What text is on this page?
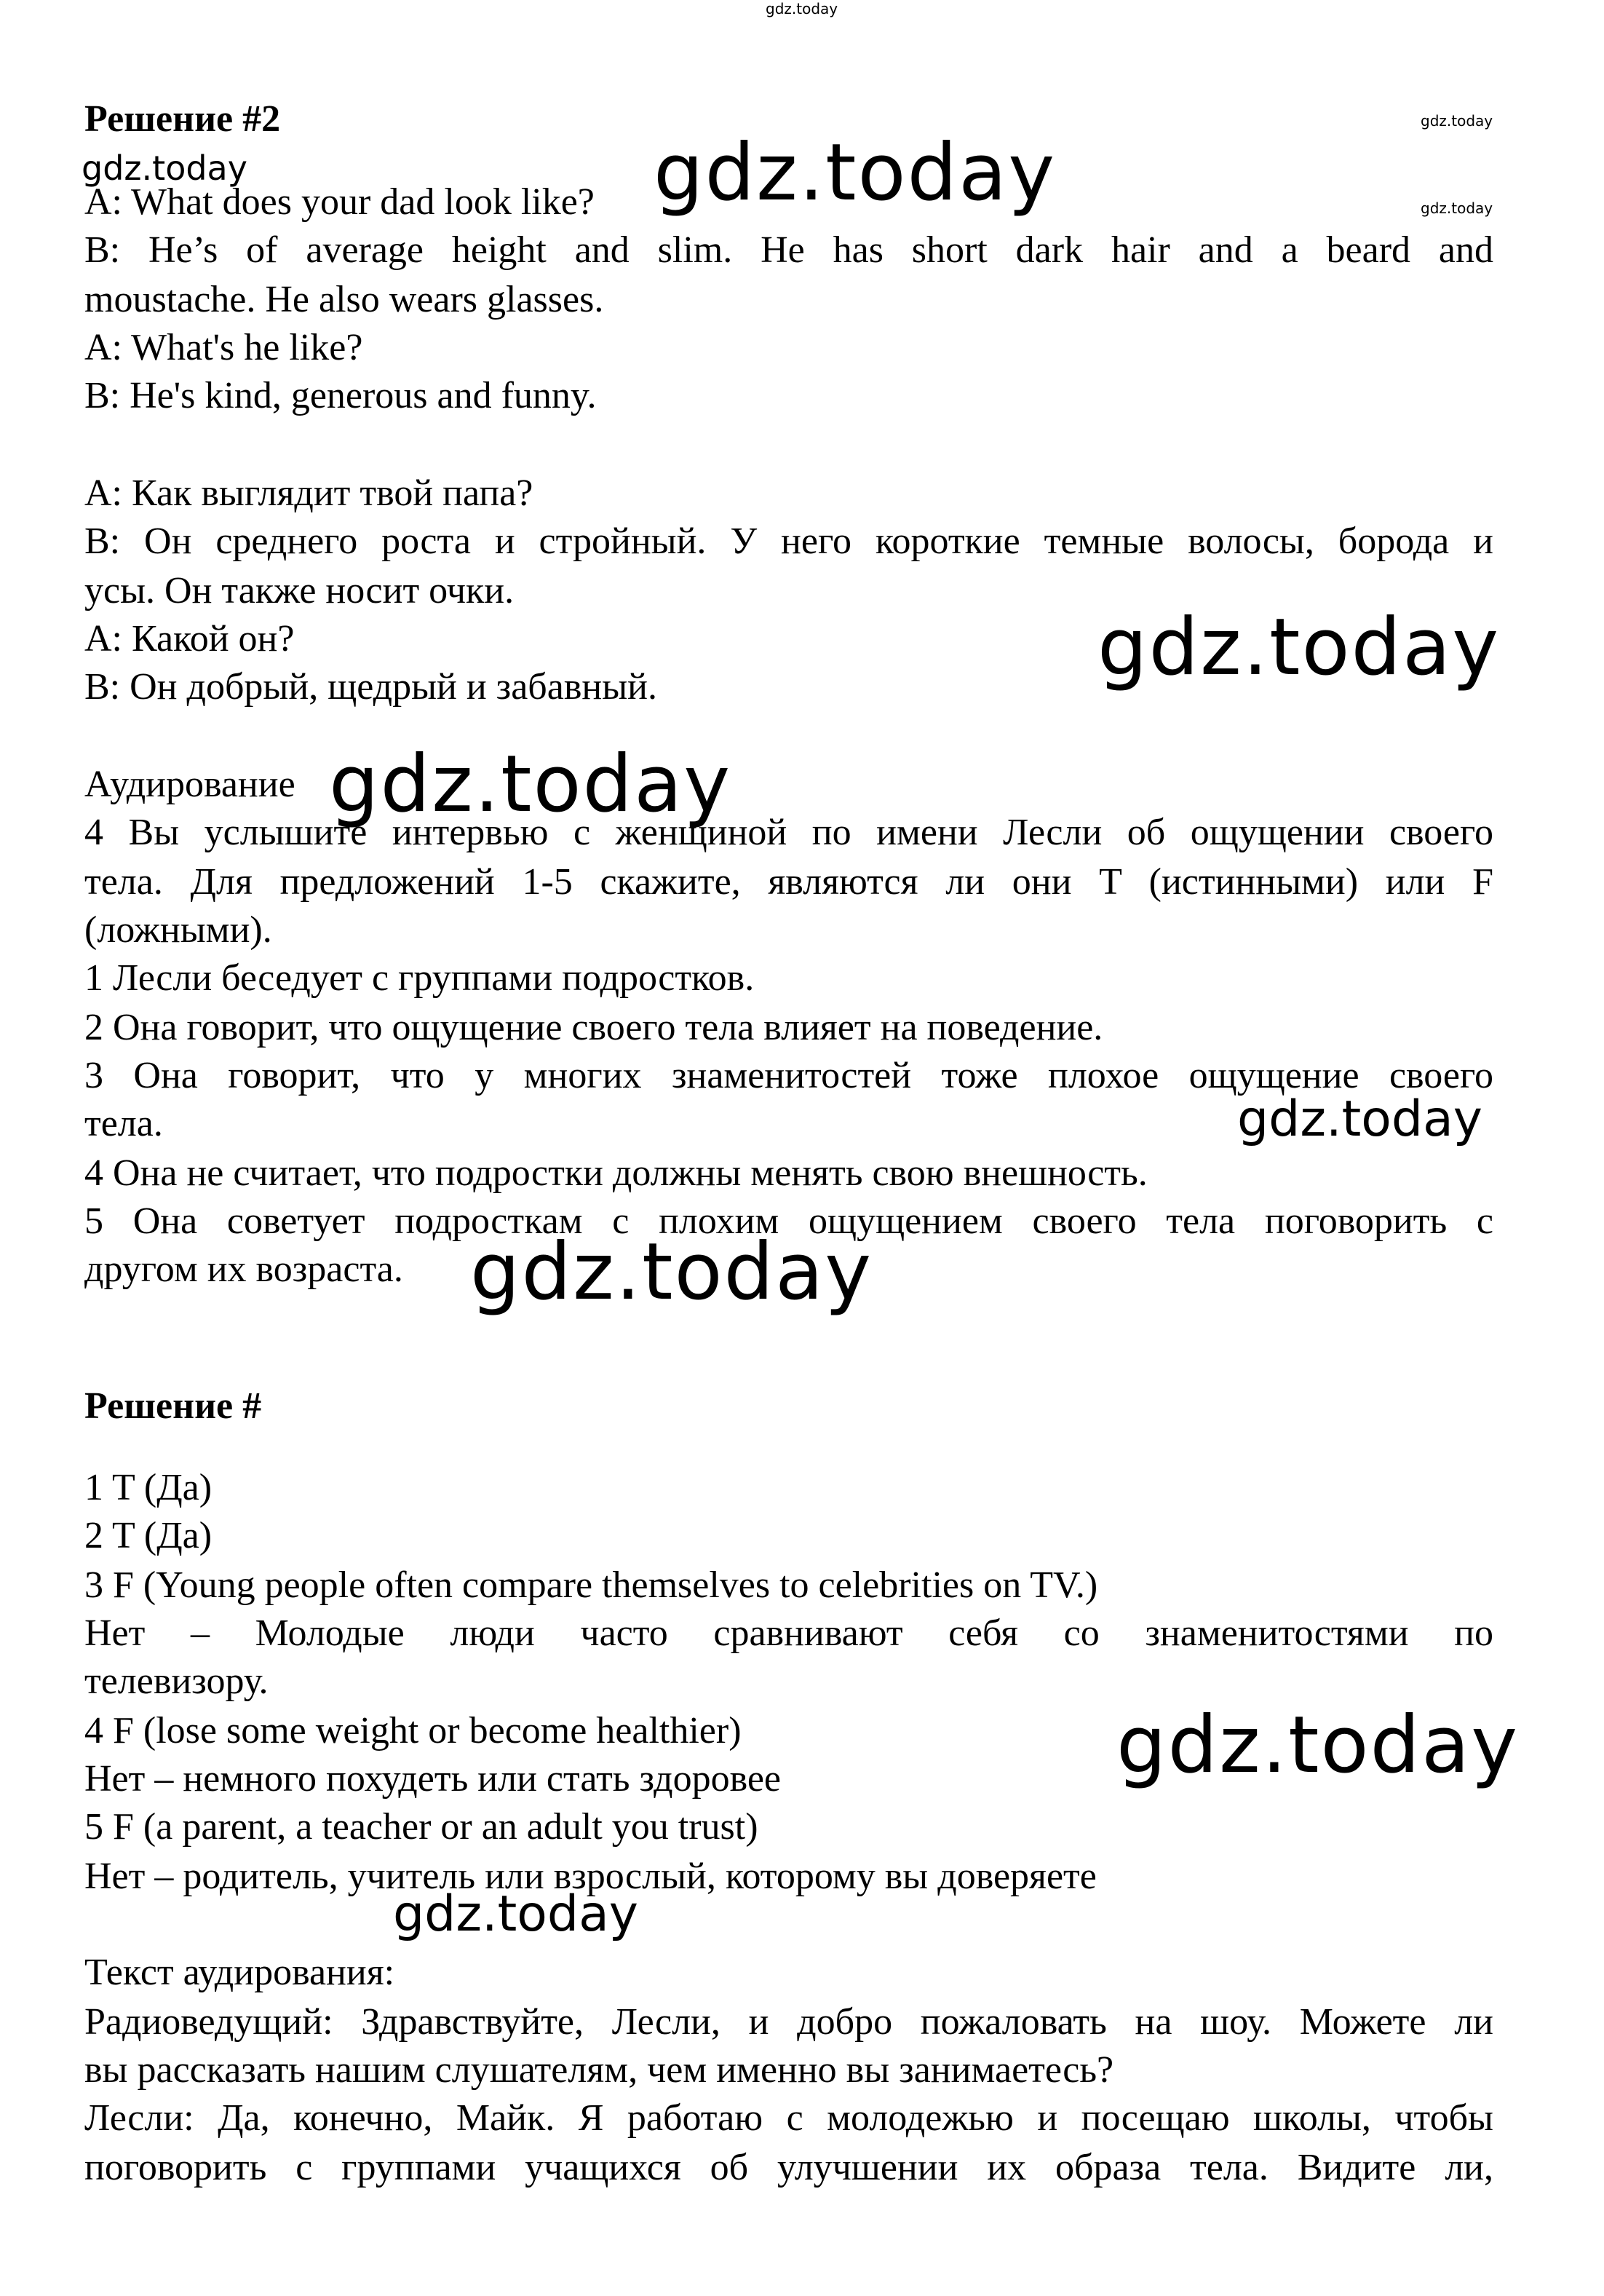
gdz.today
gdz.today
gdz.today
gdz.today	gdz.today
gdz.today
gdz.today
gdz.today
gdz.today
gdz.today
gdz.today
Решение #2
A: What does your dad look like?
B: He’s of average height and slim. He has short dark hair and a beard and
moustache. He also wears glasses.
A: What's he like?
B: He's kind, generous and funny.
А: Как выглядит твой папа?
В: Он среднего роста и стройный. У него короткие темные волосы, борода и
усы. Он также носит очки.
А: Какой он?
В: Он добрый, щедрый и забавный.
Аудирование
4 Вы услышите интервью с женщиной по имени Лесли об ощущении своего
тела. Для предложений 1-5 скажите, являются ли они T (истинными) или F
(ложными).
1 Лесли беседует с группами подростков.
2 Она говорит, что ощущение своего тела влияет на поведение.
3 Она говорит, что у многих знаменитостей тоже плохое ощущение своего
тела.
4 Она не считает, что подростки должны менять свою внешность.
5 Она советует подросткам с плохим ощущением своего тела поговорить с
другом их возраста.
Решение #
1 T (Да)
2 T (Да)
3 F (Young people often compare themselves to celebrities on TV.)
Нет – Молодые люди часто сравнивают себя со знаменитостями по
телевизору.
4 F (lose some weight or become healthier)
Нет – немного похудеть или стать здоровее
5 F (a parent, a teacher or an adult you trust)
Нет – родитель, учитель или взрослый, которому вы доверяете
Текст аудирования:
Радиоведущий: Здравствуйте, Лесли, и добро пожаловать на шоу. Можете ли
вы рассказать нашим слушателям, чем именно вы занимаетесь?
Лесли: Да, конечно, Майк. Я работаю с молодежью и посещаю школы, чтобы
поговорить с группами учащихся об улучшении их образа тела. Видите ли,
